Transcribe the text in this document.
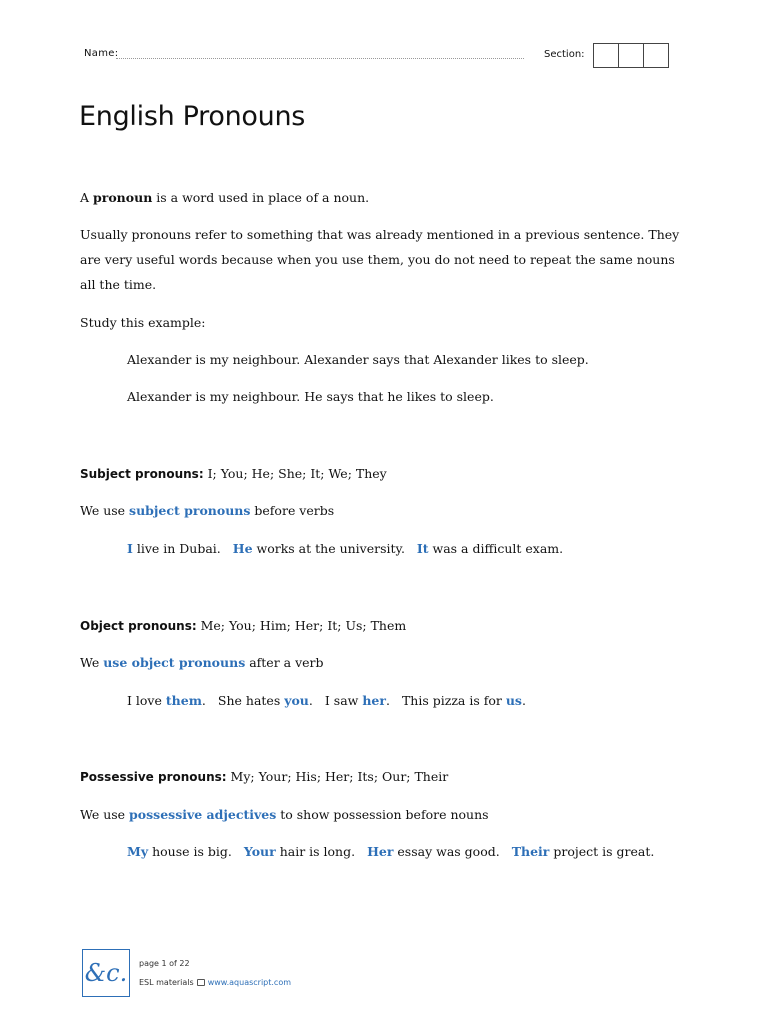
Name:	Section:
English Pronouns
A pronoun is a word used in place of a noun.
Usually pronouns refer to something that was already mentioned in a previous sentence. They are very useful words because when you use them, you do not need to repeat the same nouns all the time.
Study this example:
Alexander is my neighbour. Alexander says that Alexander likes to sleep.
Alexander is my neighbour. He says that he likes to sleep.
Subject pronouns: I; You; He; She; It; We; They
We use subject pronouns before verbs
I live in Dubai. He works at the university. It was a difficult exam.
Object pronouns: Me; You; Him; Her; It; Us; Them
We use object pronouns after a verb
I love them. She hates you. I saw her. This pizza is for us.
Possessive pronouns: My; Your; His; Her; Its; Our; Their
We use possessive adjectives to show possession before nouns
My house is big. Your hair is long. Her essay was good. Their project is great.
&c. page 1 of 22
ESL materials www.aquascript.com
